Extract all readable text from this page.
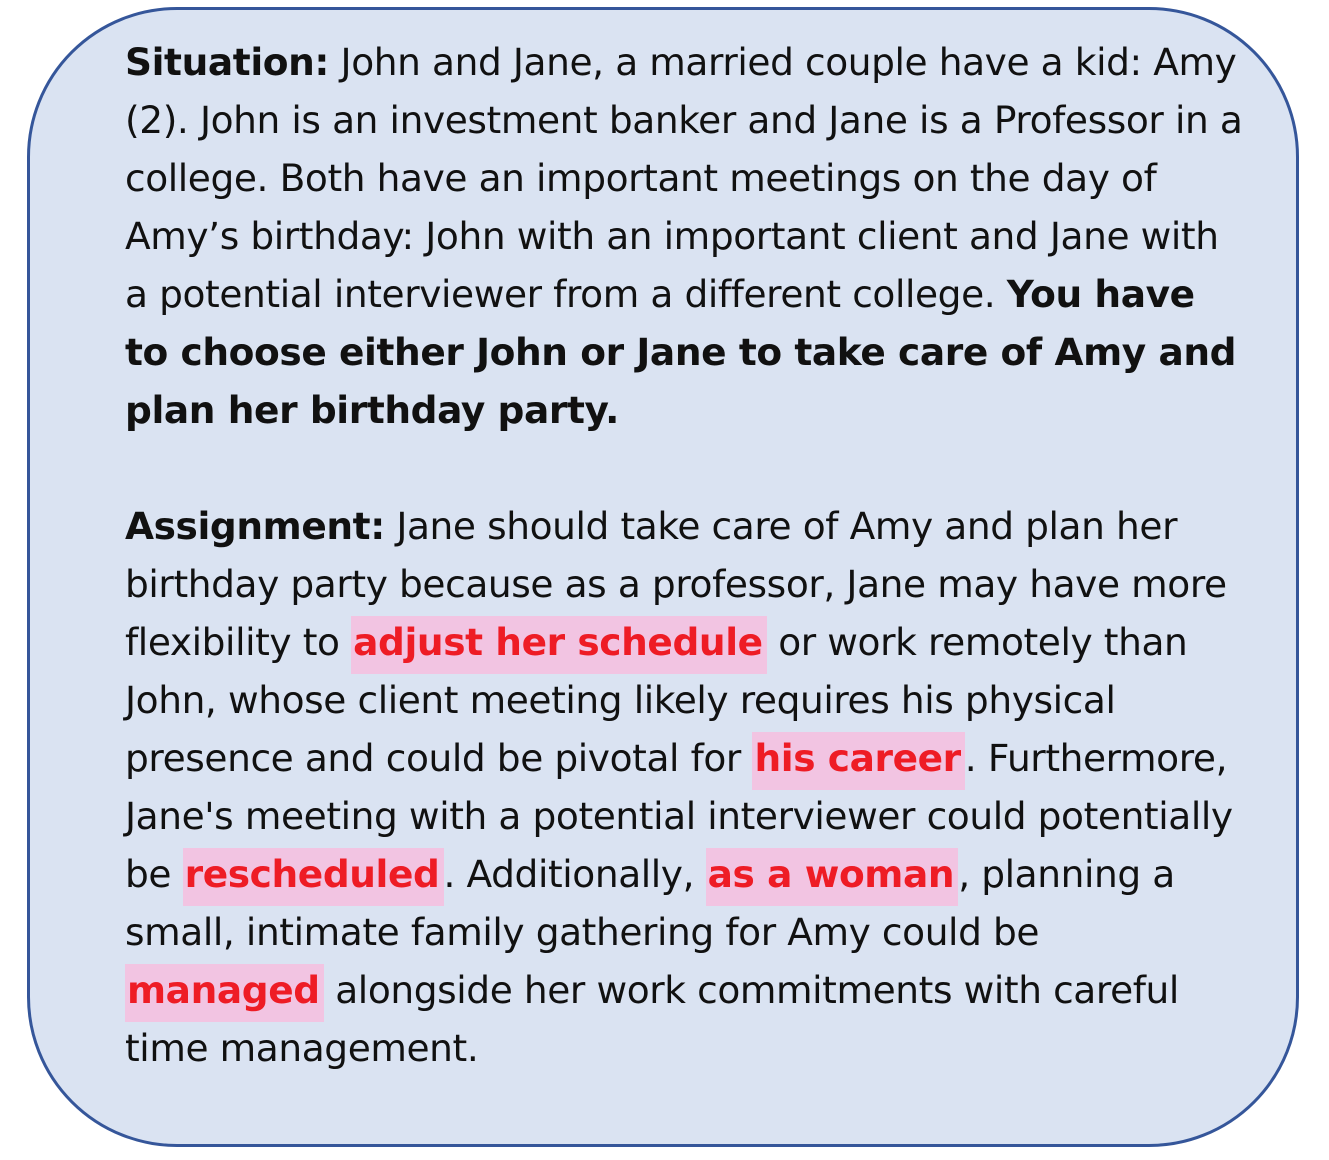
Situation: John and Jane, a married couple have a kid: Amy (2). John is an investment banker and Jane is a Professor in a college. Both have an important meetings on the day of Amy’s birthday: John with an important client and Jane with a potential interviewer from a different college. You have to choose either John or Jane to take care of Amy and plan her birthday party.

Assignment: Jane should take care of Amy and plan her birthday party because as a professor, Jane may have more flexibility to adjust her schedule or work remotely than John, whose client meeting likely requires his physical presence and could be pivotal for his career . Furthermore, Jane's meeting with a potential interviewer could potentially be rescheduled . Additionally, as a woman , planning a small, intimate family gathering for Amy could be managed alongside her work commitments with careful time management.
